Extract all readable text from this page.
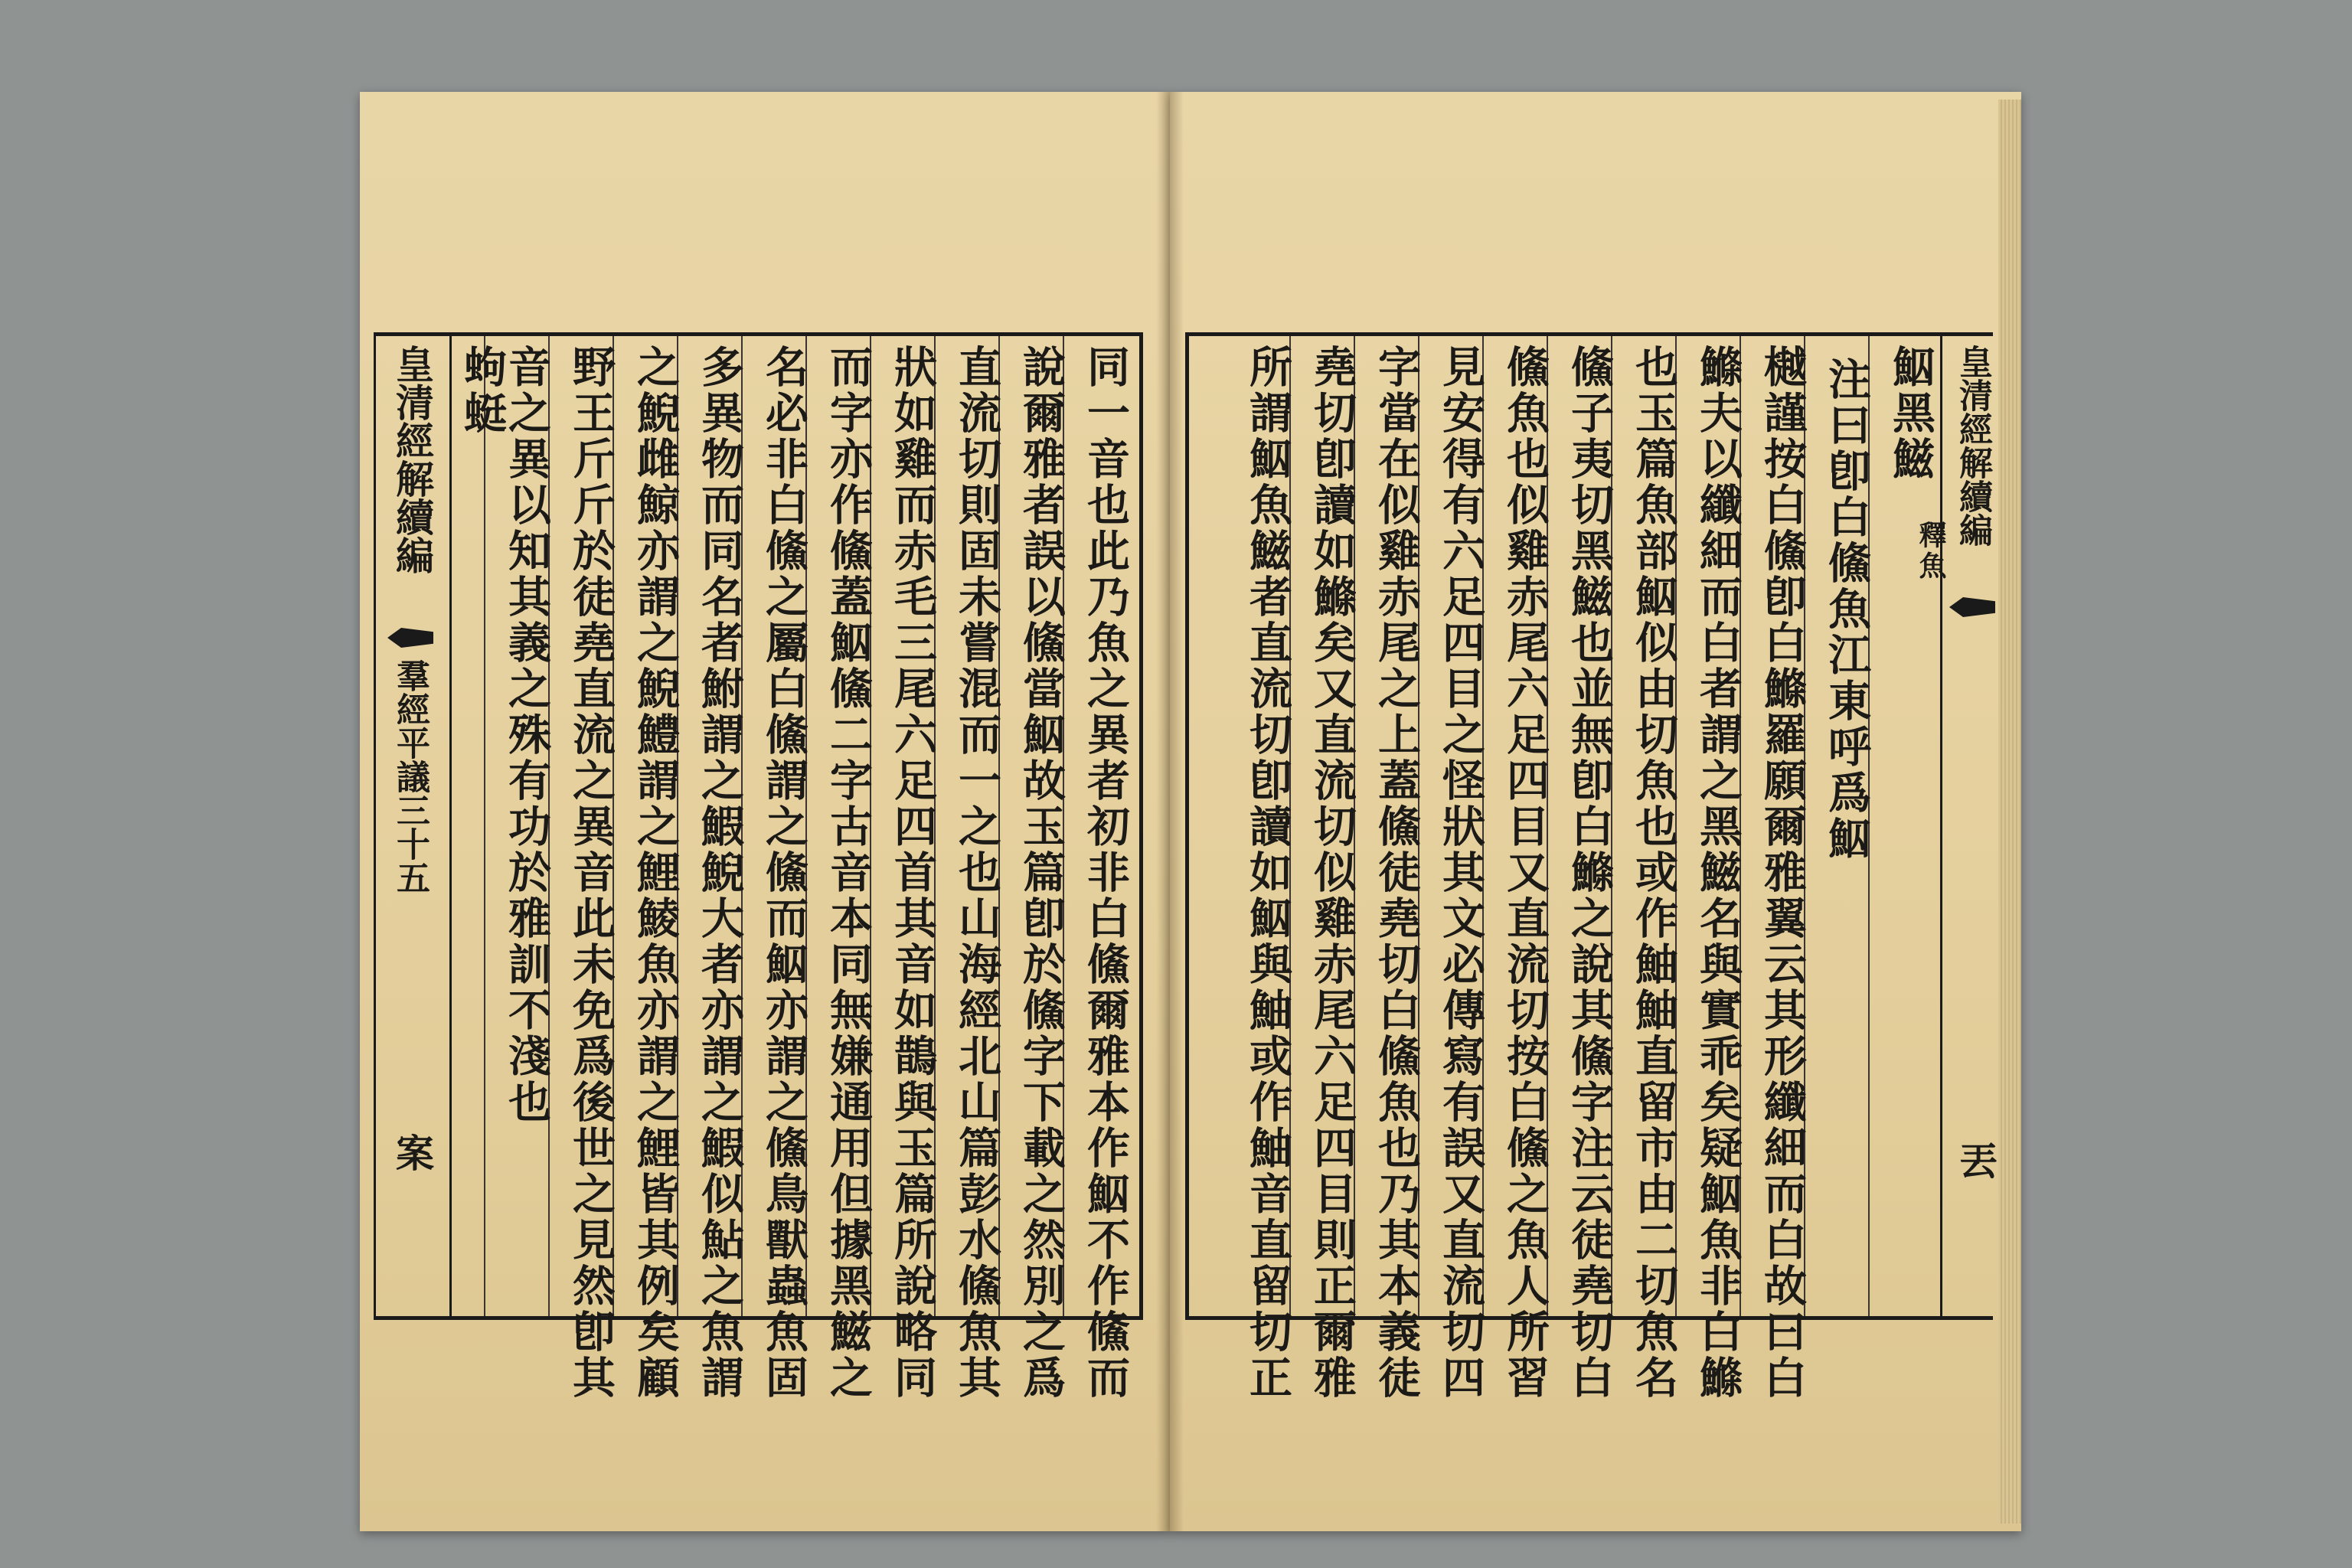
皇清經解續編
羣經平議三十五
案	同一音也此乃魚之異者初非白鯈爾雅本作鮂不作鯈而
說爾雅者誤以鯈當鮂故玉篇卽於鯈字下載之然別之爲
直流切則固未嘗混而一之也山海經北山篇彭水鯈魚其
狀如雞而赤毛三尾六足四首其音如鵲與玉篇所說略同
而字亦作鯈蓋鮂鯈二字古音本同無嫌通用但據黑鰦之
名必非白鯈之屬白鯈謂之鯈而鮂亦謂之鯈鳥獸蟲魚固
多異物而同名者鮒謂之鰕鯢大者亦謂之鰕似鮎之魚謂
之鯢雌鯨亦謂之鯢鱧謂之鯉鯪魚亦謂之鯉皆其例矣顧
野王斤斤於徒堯直流之異音此未免爲後世之見然卽其
音之異以知其義之殊有功於雅訓不淺也
蚼蜓	鮂黑鰦
釋魚
注曰卽白鯈魚江東呼爲鮂
樾謹按白鯈卽白鰷羅願爾雅翼云其形纖細而白故曰白
鰷夫以纖細而白者謂之黑鰦名與實乖矣疑鮂魚非白鰷
也玉篇魚部鮂似由切魚也或作鮋鮋直留市由二切魚名
鯈子夷切黑鰦也並無卽白鰷之說其鯈字注云徒堯切白
鯈魚也似雞赤尾六足四目又直流切按白鯈之魚人所習
見安得有六足四目之怪狀其文必傳寫有誤又直流切四
字當在似雞赤尾之上蓋鯈徒堯切白鯈魚也乃其本義徒
堯切卽讀如鰷矣又直流切似雞赤尾六足四目則正爾雅
所謂鮂魚鰦者直流切卽讀如鮂與鮋或作鮋音直留切正	皇清經解續編
丟
